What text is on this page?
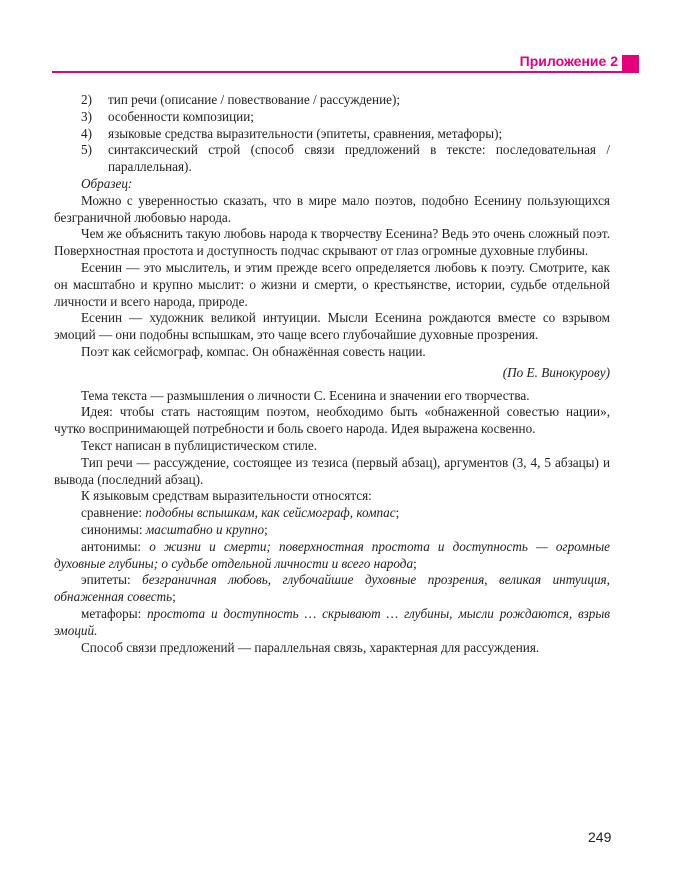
Приложение 2
2)	тип речи (описание / повествование / рассуждение);
3)	особенности композиции;
4)	языковые средства выразительности (эпитеты, сравнения, метафоры);
5)	синтаксический строй (способ связи предложений в тексте: последовательная / параллельная).

Образец:

Можно с уверенностью сказать, что в мире мало поэтов, подобно Есенину пользующихся безграничной любовью народа.

Чем же объяснить такую любовь народа к творчеству Есенина? Ведь это очень сложный поэт. Поверхностная простота и доступность подчас скрывают от глаз огромные духовные глубины.

Есенин — это мыслитель, и этим прежде всего определяется любовь к поэту. Смотрите, как он масштабно и крупно мыслит: о жизни и смерти, о крестьянстве, истории, судьбе отдельной личности и всего народа, природе.

Есенин — художник великой интуиции. Мысли Есенина рождаются вместе со взрывом эмоций — они подобны вспышкам, это чаще всего глубочайшие духовные прозрения.

Поэт как сейсмограф, компас. Он обнажённая совесть нации.

(По Е. Винокурову)

Тема текста — размышления о личности С. Есенина и значении его творчества.

Идея: чтобы стать настоящим поэтом, необходимо быть «обнаженной совестью нации», чутко воспринимающей потребности и боль своего народа. Идея выражена косвенно.

Текст написан в публицистическом стиле.

Тип речи — рассуждение, состоящее из тезиса (первый абзац), аргументов (3, 4, 5 абзацы) и вывода (последний абзац).

К языковым средствам выразительности относятся:

сравнение: подобны вспышкам, как сейсмограф, компас;

синонимы: масштабно и крупно;

антонимы: о жизни и смерти; поверхностная простота и доступность — огромные духовные глубины; о судьбе отдельной личности и всего народа;

эпитеты: безграничная любовь, глубочайшие духовные прозрения, великая интуиция, обнаженная совесть;

метафоры: простота и доступность … скрывают … глубины, мысли рождаются, взрыв эмоций.

Способ связи предложений — параллельная связь, характерная для рассуждения.

249
